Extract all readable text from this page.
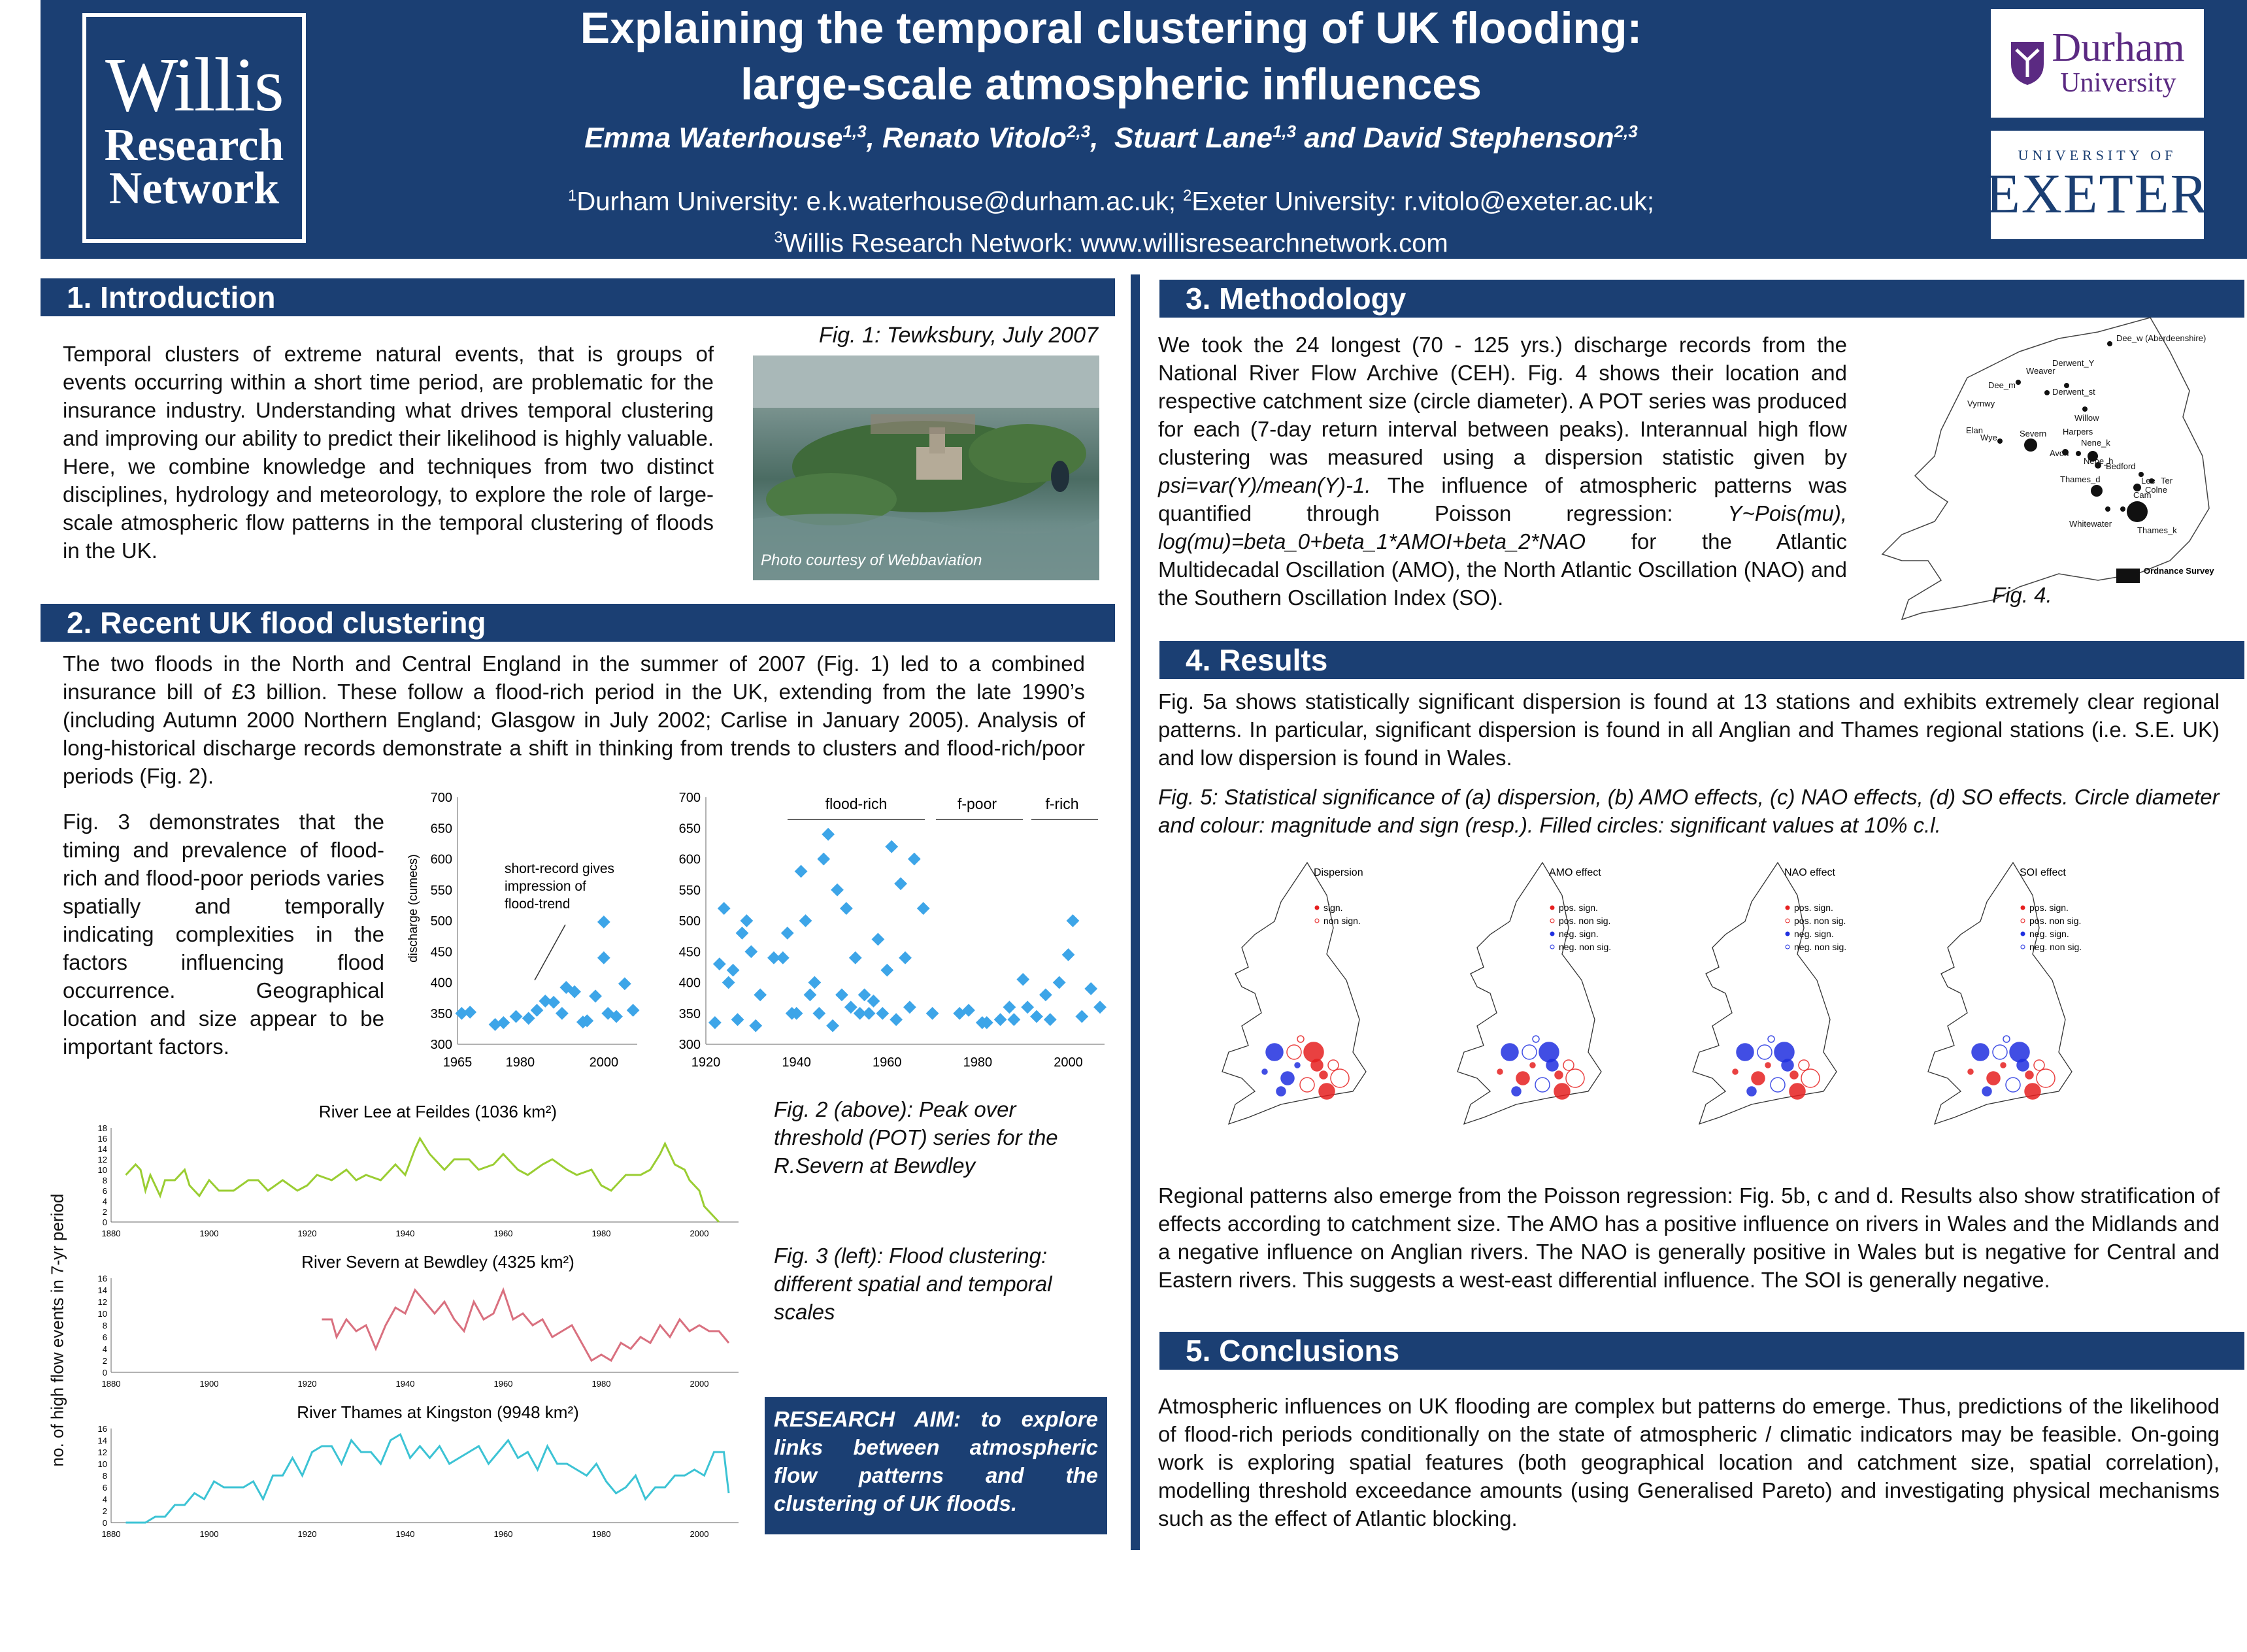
Willis
Research
Network
Explaining the temporal clustering of UK flooding:
large-scale atmospheric influences
Emma Waterhouse$^{1,3}$, Renato Vitolo$^{2,3}$,  Stuart Lane$^{1,3}$ and David Stephenson$^{2,3}$
$^1$Durham University: e.k.waterhouse@durham.ac.uk; $^2$Exeter University: r.vitolo@exeter.ac.uk;
$^3$Willis Research Network: www.willisresearchnetwork.com
Durham
University
UNIVERSITY OF
EXETER
1. Introduction
Temporal clusters of extreme natural events, that is groups of events occurring within a short time period, are problematic for the insurance industry. Understanding what drives temporal clustering and improving our ability to predict their likelihood is highly valuable. Here, we combine knowledge and techniques from two distinct disciplines, hydrology and meteorology, to explore the role of large-scale atmospheric flow patterns in the temporal clustering of floods in the UK.
Fig. 1: Tewksbury, July 2007
Photo courtesy of Webbaviation
2. Recent UK flood clustering
The two floods in the North and Central England in the summer of 2007 (Fig. 1) led to a combined insurance bill of £3 billion. These follow a flood-rich period in the UK, extending from the late 1990’s (including Autumn 2000 Northern England; Glasgow in July 2002; Carlise in January 2005). Analysis of long-historical discharge records demonstrate a shift in thinking from trends to clusters and flood-rich/poor periods (Fig. 2).
Fig. 3 demonstrates that the timing and prevalence of flood-rich and flood-poor periods varies spatially and temporally indicating complexities in the factors influencing flood occurrence. Geographical location and size appear to be important factors.	300
350
400
450
500
550
600
650
700
1965	1980	2000
discharge (cumecs)	short-record gives
impression of
flood-trend
300
350
400
450
500
550
600
650
700
1920	1940	1960	1980	2000
flood-rich	f-poor	f-rich
Fig. 2 (above): Peak over threshold (POT) series for the R.Severn at Bewdley
Fig. 3 (left): Flood clustering: different spatial and temporal scales
RESEARCH AIM: to explore links between atmospheric flow patterns and the clustering of UK floods.
no. of high flow events in 7-yr period	0
2
4
6
8
10
12
14
16
18
1880	1900	1920	1940	1960	1980	2000
River Lee at Feildes (1036 km²)
0
2
4
6
8
10
12
14
16
1880	1900	1920	1940	1960	1980	2000
River Severn at Bewdley (4325 km²)
0
2
4
6
8
10
12
14
16
1880	1900	1920	1940	1960	1980	2000
River Thames at Kingston (9948 km²)
3. Methodology
We took the 24 longest (70 - 125 yrs.) discharge records from the National River Flow Archive (CEH). Fig. 4 shows their location and respective catchment size (circle diameter). A POT series was produced for each (7-day return interval between peaks). Interannual high flow clustering was measured using a dispersion statistic given by psi=var(Y)/mean(Y)-1. The influence of atmospheric patterns was quantified through Poisson regression: Y~Pois(mu), log(mu)=beta_0+beta_1*AMOI+beta_2*NAO for the Atlantic Multidecadal Oscillation (AMO), the North Atlantic Oscillation (NAO) and the Southern Oscillation Index (SO).
Dee_w (Aberdeenshire)
Derwent_Y
Weaver
Dee_m
Derwent_st
Vyrnwy
Willow
Harpers
Elan
Wye	Severn
Nene_k
Avon
Nene_h
Bedford
Thames_d	Lee Ter
Colne
Cam
Whitewater
Thames_k
Ordnance Survey
Fig. 4.
4. Results
Fig. 5a shows statistically significant dispersion is found at 13 stations and exhibits extremely clear regional patterns. In particular, significant dispersion is found in all Anglian and Thames regional stations (i.e. S.E. UK) and low dispersion is found in Wales.
Fig. 5: Statistical significance of (a) dispersion, (b) AMO effects, (c) NAO effects, (d) SO effects. Circle diameter and colour: magnitude and sign (resp.). Filled circles: significant values at 10% c.l.
Dispersion
sign.
non sign.
AMO effect
pos. sign.
pos. non sig.
neg. sign.
neg. non sig.
NAO effect
pos. sign.
pos. non sig.
neg. sign.
neg. non sig.
SOI effect
pos. sign.
pos. non sig.
neg. sign.
neg. non sig.
Regional patterns also emerge from the Poisson regression: Fig. 5b, c and d. Results also show stratification of effects according to catchment size. The AMO has a positive influence on rivers in Wales and the Midlands and a negative influence on Anglian rivers. The NAO is generally positive in Wales but is negative for Central and Eastern rivers. This suggests a west-east differential influence. The SOI is generally negative.
5. Conclusions
Atmospheric influences on UK flooding are complex but patterns do emerge. Thus, predictions of the likelihood of flood-rich periods conditionally on the state of atmospheric / climatic indicators may be feasible. On-going work is exploring spatial features (both geographical location and catchment size, spatial correlation), modelling threshold exceedance amounts (using Generalised Pareto) and investigating physical mechanisms such as the effect of Atlantic blocking.
